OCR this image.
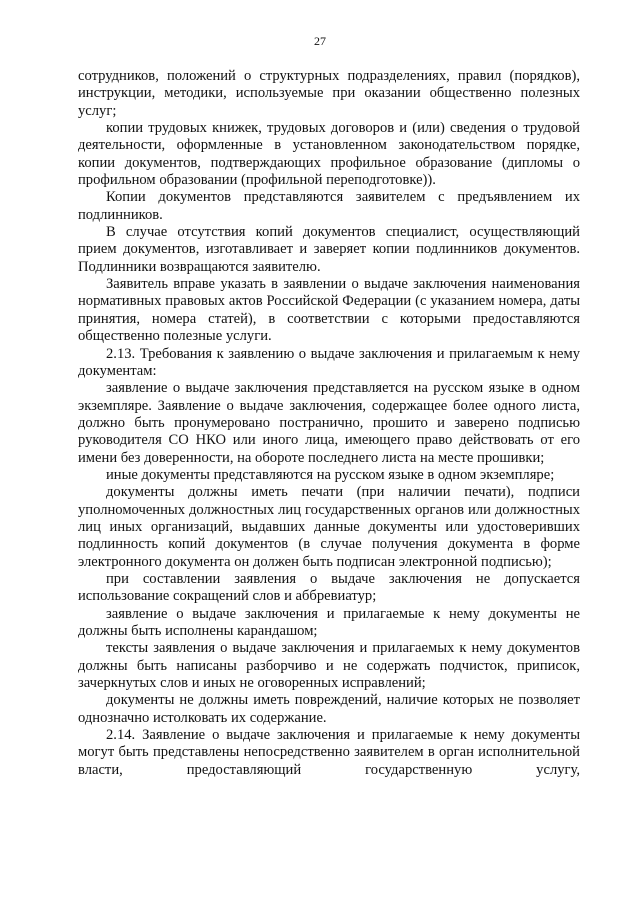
27

сотрудников, положений о структурных подразделениях, правил (порядков), инструкции, методики, используемые при оказании общественно полезных услуг;

копии трудовых книжек, трудовых договоров и (или) сведения о трудовой деятельности, оформленные в установленном законодательством порядке, копии документов, подтверждающих профильное образование (дипломы о профильном образовании (профильной переподготовке)).

Копии документов представляются заявителем с предъявлением их подлинников.

В случае отсутствия копий документов специалист, осуществляющий прием документов, изготавливает и заверяет копии подлинников документов. Подлинники возвращаются заявителю.

Заявитель вправе указать в заявлении о выдаче заключения наименования нормативных правовых актов Российской Федерации (с указанием номера, даты принятия, номера статей), в соответствии с которыми предоставляются общественно полезные услуги.

2.13. Требования к заявлению о выдаче заключения и прилагаемым к нему документам:

заявление о выдаче заключения представляется на русском языке в одном экземпляре. Заявление о выдаче заключения, содержащее более одного листа, должно быть пронумеровано постранично, прошито и заверено подписью руководителя СО НКО или иного лица, имеющего право действовать от его имени без доверенности, на обороте последнего листа на месте прошивки;

иные документы представляются на русском языке в одном экземпляре;

документы должны иметь печати (при наличии печати), подписи уполномоченных должностных лиц государственных органов или должностных лиц иных организаций, выдавших данные документы или удостоверивших подлинность копий документов (в случае получения документа в форме электронного документа он должен быть подписан электронной подписью);

при составлении заявления о выдаче заключения не допускается использование сокращений слов и аббревиатур;

заявление о выдаче заключения и прилагаемые к нему документы не должны быть исполнены карандашом;

тексты заявления о выдаче заключения и прилагаемых к нему документов должны быть написаны разборчиво и не содержать подчисток, приписок, зачеркнутых слов и иных не оговоренных исправлений;

документы не должны иметь повреждений, наличие которых не позволяет однозначно истолковать их содержание.

2.14. Заявление о выдаче заключения и прилагаемые к нему документы могут быть представлены непосредственно заявителем в орган исполнительной власти, предоставляющий государственную услугу,
